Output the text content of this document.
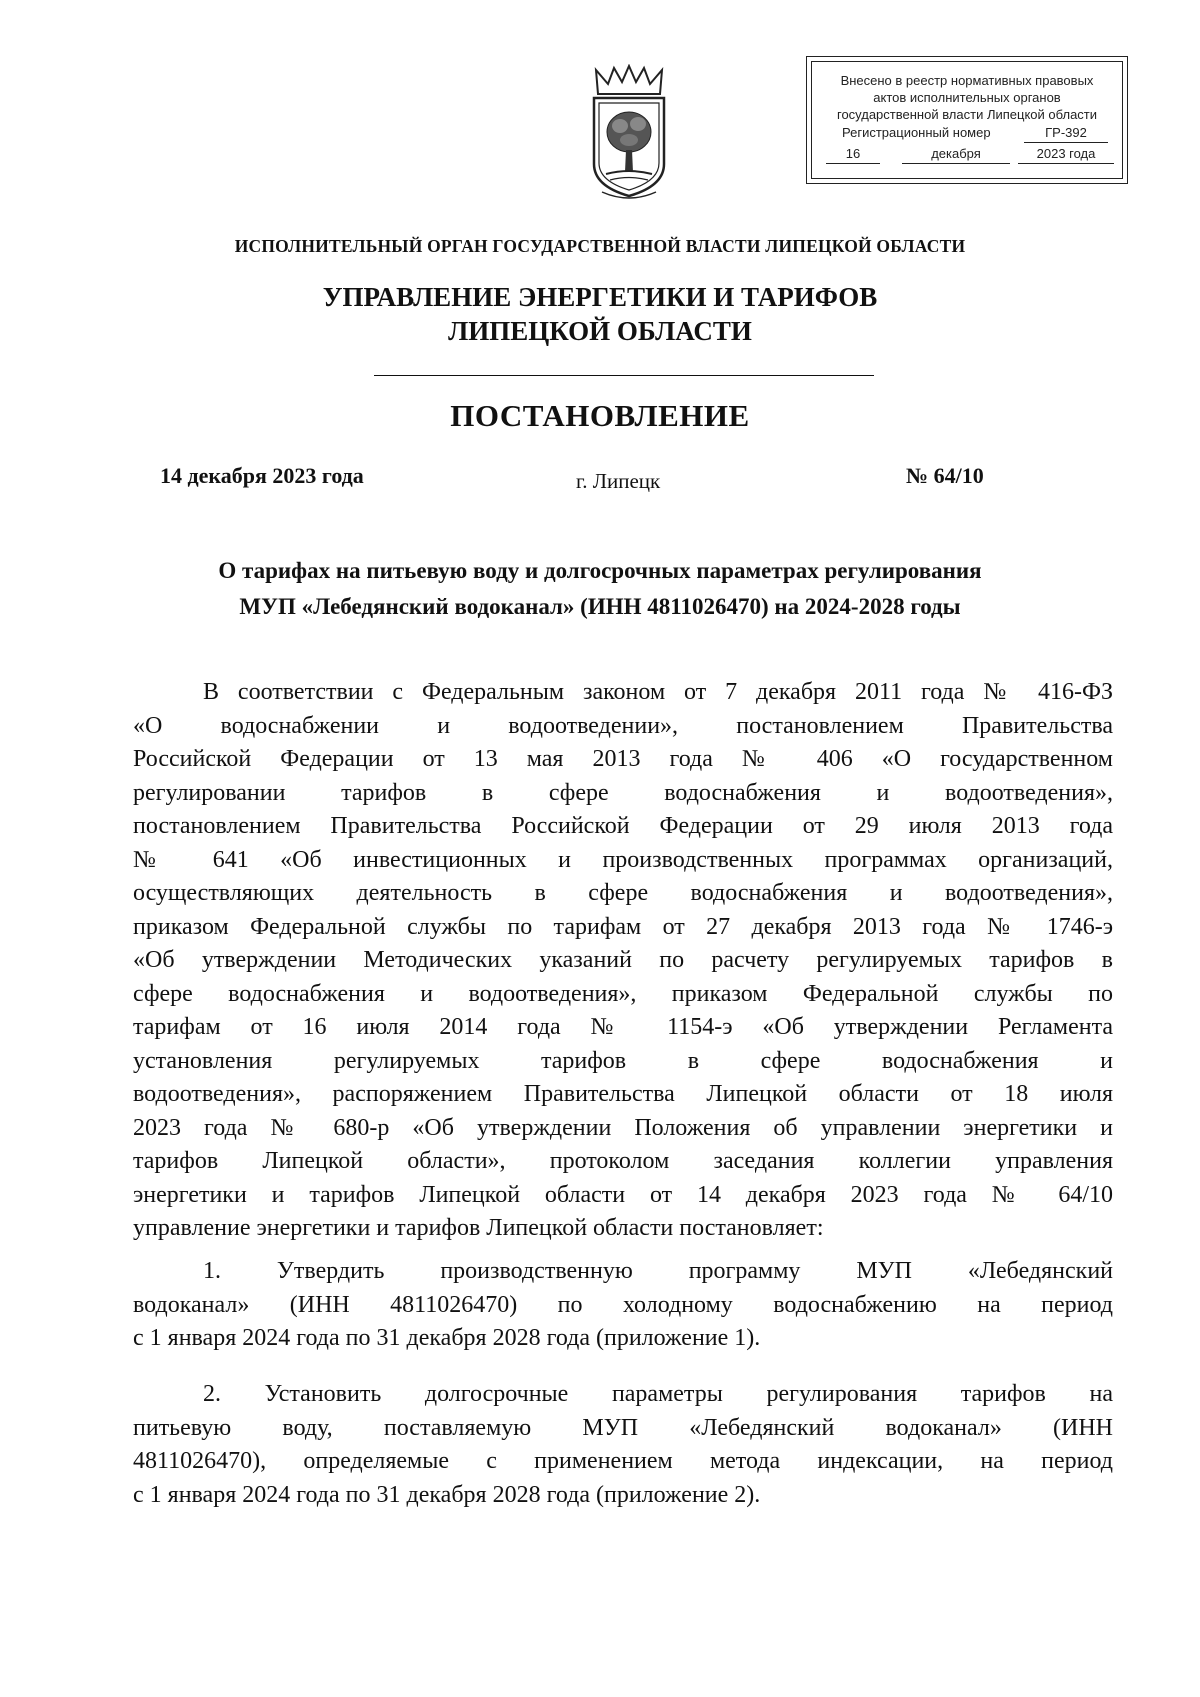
Внесено в реестр нормативных правовых
актов исполнительных органов
государственной власти Липецкой области
Регистрационный номер	ГР-392
16	декабря	2023 года
ИСПОЛНИТЕЛЬНЫЙ ОРГАН ГОСУДАРСТВЕННОЙ ВЛАСТИ ЛИПЕЦКОЙ ОБЛАСТИ
УПРАВЛЕНИЕ ЭНЕРГЕТИКИ И ТАРИФОВ
ЛИПЕЦКОЙ ОБЛАСТИ
ПОСТАНОВЛЕНИЕ
14 декабря 2023 года	г. Липецк	№ 64/10
О тарифах на питьевую воду и долгосрочных параметрах регулирования
МУП «Лебедянский водоканал» (ИНН 4811026470) на 2024-2028 годы
В соответствии с Федеральным законом от 7 декабря 2011 года № 416-ФЗ
«О водоснабжении и водоотведении», постановлением Правительства
Российской Федерации от 13 мая 2013 года № 406 «О государственном
регулировании тарифов в сфере водоснабжения и водоотведения»,
постановлением Правительства Российской Федерации от 29 июля 2013 года
№ 641 «Об инвестиционных и производственных программах организаций,
осуществляющих деятельность в сфере водоснабжения и водоотведения»,
приказом Федеральной службы по тарифам от 27 декабря 2013 года № 1746-э
«Об утверждении Методических указаний по расчету регулируемых тарифов в
сфере водоснабжения и водоотведения», приказом Федеральной службы по
тарифам от 16 июля 2014 года № 1154-э «Об утверждении Регламента
установления регулируемых тарифов в сфере водоснабжения и
водоотведения», распоряжением Правительства Липецкой области от 18 июля
2023 года № 680-р «Об утверждении Положения об управлении энергетики и
тарифов Липецкой области», протоколом заседания коллегии управления
энергетики и тарифов Липецкой области от 14 декабря 2023 года № 64/10
управление энергетики и тарифов Липецкой области постановляет:
1. Утвердить производственную программу МУП «Лебедянский
водоканал» (ИНН 4811026470) по холодному водоснабжению на период
с 1 января 2024 года по 31 декабря 2028 года (приложение 1).
2. Установить долгосрочные параметры регулирования тарифов на
питьевую воду, поставляемую МУП «Лебедянский водоканал» (ИНН
4811026470), определяемые с применением метода индексации, на период
с 1 января 2024 года по 31 декабря 2028 года (приложение 2).
